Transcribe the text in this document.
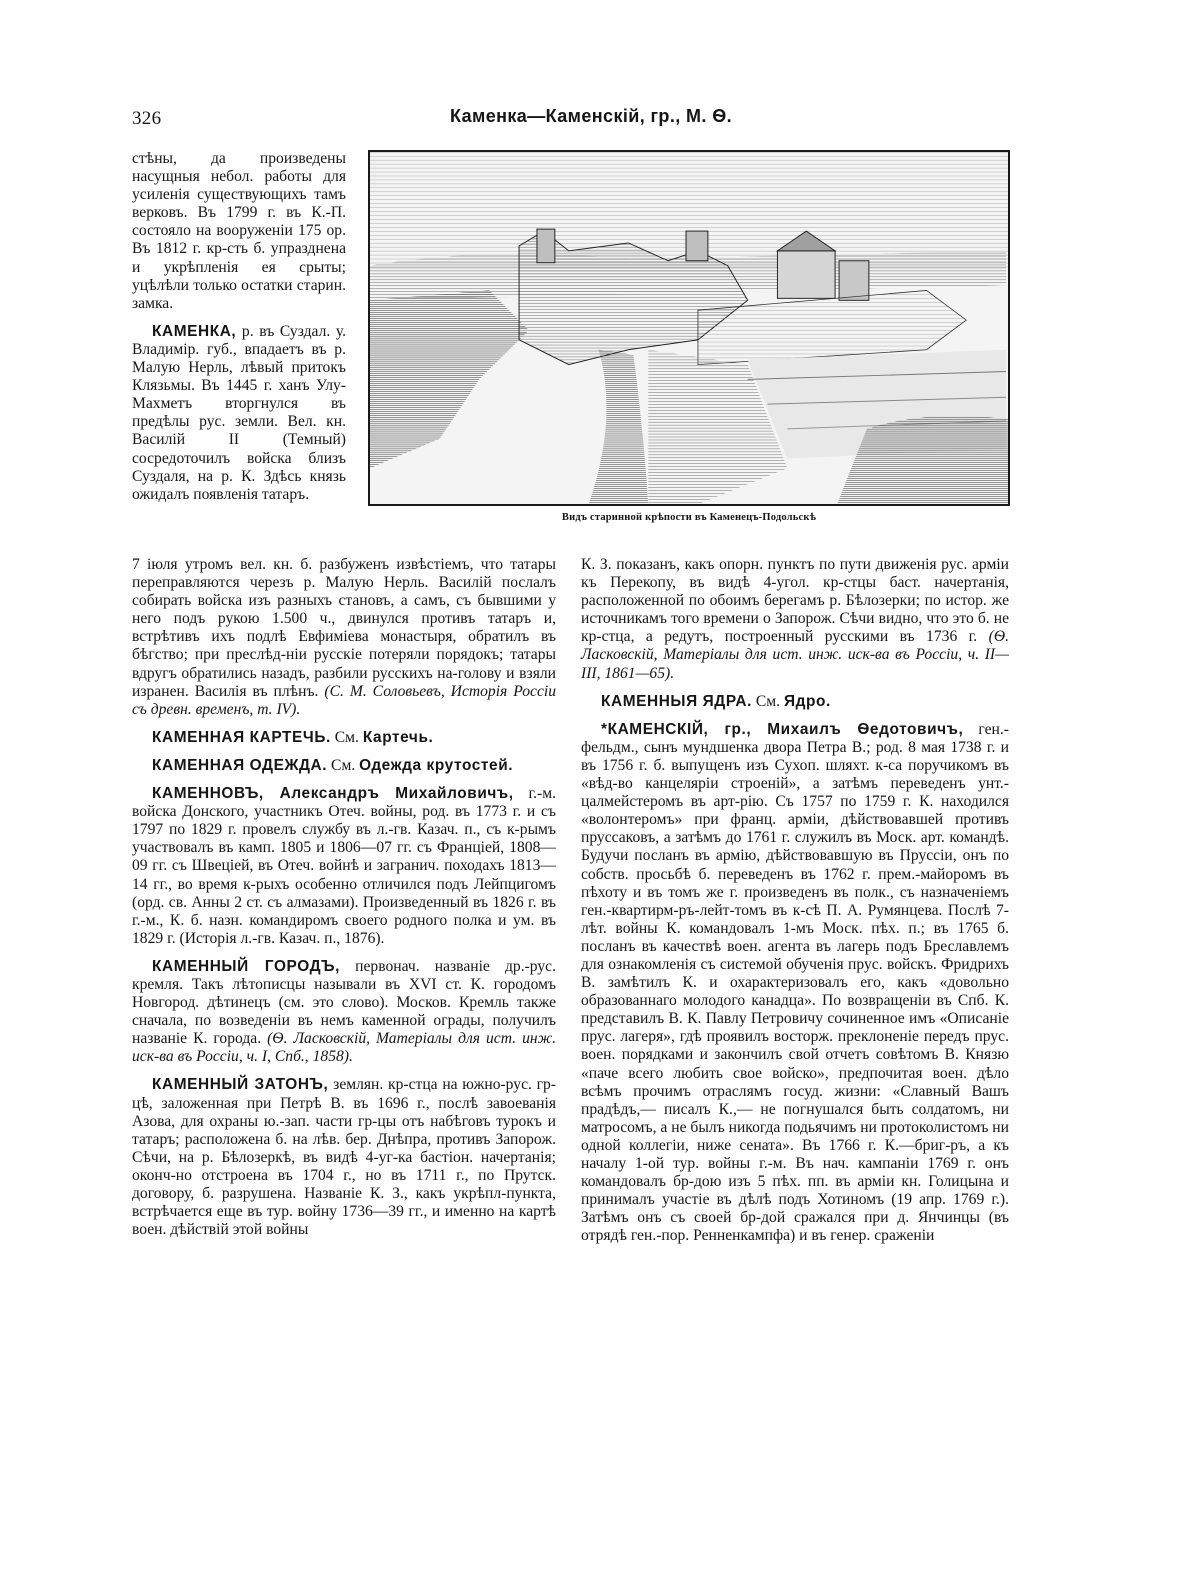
326	Каменка—Каменскій, гр., М. Ѳ.
Видъ старинной крѣпости въ Каменецъ-Подольскѣ

стѣны, да произведены насущныя небол. работы для усиленія существующихъ тамъ верковъ. Въ 1799 г. въ К.-П. состояло на вооруженіи 175 ор. Въ 1812 г. кр-сть б. упразднена и укрѣпленія ея срыты; уцѣлѣли только остатки старин. замка.

КАМЕНКА, р. въ Суздал. у. Владимір. губ., впадаетъ въ р. Малую Нерль, лѣвый притокъ Клязьмы. Въ 1445 г. ханъ Улу-Махметъ вторгнулся въ предѣлы рус. земли. Вел. кн. Василій II (Темный) сосредоточилъ войска близъ Суздаля, на р. К. Здѣсь князь ожидалъ появленія татаръ.

7 іюля утромъ вел. кн. б. разбуженъ извѣстіемъ, что татары переправляются черезъ р. Малую Нерль. Василій послалъ собирать войска изъ разныхъ становъ, а самъ, съ бывшими у него подъ рукою 1.500 ч., двинулся противъ татаръ и, встрѣтивъ ихъ подлѣ Евфиміева монастыря, обратилъ въ бѣгство; при преслѣд-ніи русскіе потеряли порядокъ; татары вдругъ обратились назадъ, разбили русскихъ на-голову и взяли изранен. Василія въ плѣнъ. (С. М. Соловьевъ, Исторія Россіи съ древн. временъ, т. IV).

КАМЕННАЯ КАРТЕЧЬ. См. Картечь.

КАМЕННАЯ ОДЕЖДА. См. Одежда крутостей.

КАМЕННОВЪ, Александръ Михайловичъ, г.-м. войска Донского, участникъ Отеч. войны, род. въ 1773 г. и съ 1797 по 1829 г. провелъ службу въ л.-гв. Казач. п., съ к-рымъ участвовалъ въ камп. 1805 и 1806—07 гг. съ Франціей, 1808—09 гг. съ Швеціей, въ Отеч. войнѣ и загранич. походахъ 1813—14 гг., во время к-рыхъ особенно отличился подъ Лейпцигомъ (орд. св. Анны 2 ст. съ алмазами). Произведенный въ 1826 г. въ г.-м., К. б. назн. командиромъ своего родного полка и ум. въ 1829 г. (Исторія л.-гв. Казач. п., 1876).

КАМЕННЫЙ ГОРОДЪ, первонач. названіе др.-рус. кремля. Такъ лѣтописцы называли въ XVI ст. К. городомъ Новгород. дѣтинецъ (см. это слово). Москов. Кремль также сначала, по возведеніи въ немъ каменной ограды, получилъ названіе К. города. (Ѳ. Ласковскій, Матеріалы для ист. инж. иск-ва въ Россіи, ч. I, Спб., 1858).

КАМЕННЫЙ ЗАТОНЪ, землян. кр-стца на южно-рус. гр-цѣ, заложенная при Петрѣ В. въ 1696 г., послѣ завоеванія Азова, для охраны ю.-зап. части гр-цы отъ набѣговъ турокъ и татаръ; расположена б. на лѣв. бер. Днѣпра, противъ Запорож. Сѣчи, на р. Бѣлозеркѣ, въ видѣ 4-уг-ка бастіон. начертанія; оконч-но отстроена въ 1704 г., но въ 1711 г., по Прутск. договору, б. разрушена. Названіе К. З., какъ укрѣпл-пункта, встрѣчается еще въ тур. войну 1736—39 гг., и именно на картѣ воен. дѣйствій этой войны

К. З. показанъ, какъ опорн. пунктъ по пути движенія рус. арміи къ Перекопу, въ видѣ 4-угол. кр-стцы баст. начертанія, расположенной по обоимъ берегамъ р. Бѣлозерки; по истор. же источникамъ того времени о Запорож. Сѣчи видно, что это б. не кр-стца, а редутъ, построенный русскими въ 1736 г. (Ѳ. Ласковскій, Матеріалы для ист. инж. иск-ва въ Россіи, ч. II—III, 1861—65).

КАМЕННЫЯ ЯДРА. См. Ядро.

*КАМЕНСКІЙ, гр., Михаилъ Ѳедотовичъ, ген.-фельдм., сынъ мундшенка двора Петра В.; род. 8 мая 1738 г. и въ 1756 г. б. выпущенъ изъ Сухоп. шляхт. к-са поручикомъ въ «вѣд-во канцеляріи строеній», а затѣмъ переведенъ унт.-цалмейстеромъ въ арт-рію. Съ 1757 по 1759 г. К. находился «волонтеромъ» при франц. арміи, дѣйствовавшей противъ пруссаковъ, а затѣмъ до 1761 г. служилъ въ Моск. арт. командѣ. Будучи посланъ въ армію, дѣйствовавшую въ Пруссіи, онъ по собств. просьбѣ б. переведенъ въ 1762 г. прем.-майоромъ въ пѣхоту и въ томъ же г. произведенъ въ полк., съ назначеніемъ ген.-квартирм-ръ-лейт-томъ въ к-сѣ П. А. Румянцева. Послѣ 7-лѣт. войны К. командовалъ 1-мъ Моск. пѣх. п.; въ 1765 б. посланъ въ качествѣ воен. агента въ лагерь подъ Бреславлемъ для ознакомленія съ системой обученія прус. войскъ. Фридрихъ В. замѣтилъ К. и охарактеризовалъ его, какъ «довольно образованнаго молодого канадца». По возвращеніи въ Спб. К. представилъ В. К. Павлу Петровичу сочиненное имъ «Описаніе прус. лагеря», гдѣ проявилъ восторж. преклоненіе передъ прус. воен. порядками и закончилъ свой отчетъ совѣтомъ В. Князю «паче всего любить свое войско», предпочитая воен. дѣло всѣмъ прочимъ отраслямъ госуд. жизни: «Славный Вашъ прадѣдъ,— писалъ К.,— не погнушался быть солдатомъ, ни матросомъ, а не былъ никогда подьячимъ ни протоколистомъ ни одной коллегіи, ниже сената». Въ 1766 г. К.—бриг-ръ, а къ началу 1-ой тур. войны г.-м. Въ нач. кампаніи 1769 г. онъ командовалъ бр-дою изъ 5 пѣх. пп. въ арміи кн. Голицына и принималъ участіе въ дѣлѣ подъ Хотиномъ (19 апр. 1769 г.). Затѣмъ онъ съ своей бр-дой сражался при д. Янчинцы (въ отрядѣ ген.-пор. Ренненкампфа) и въ генер. сраженіи
